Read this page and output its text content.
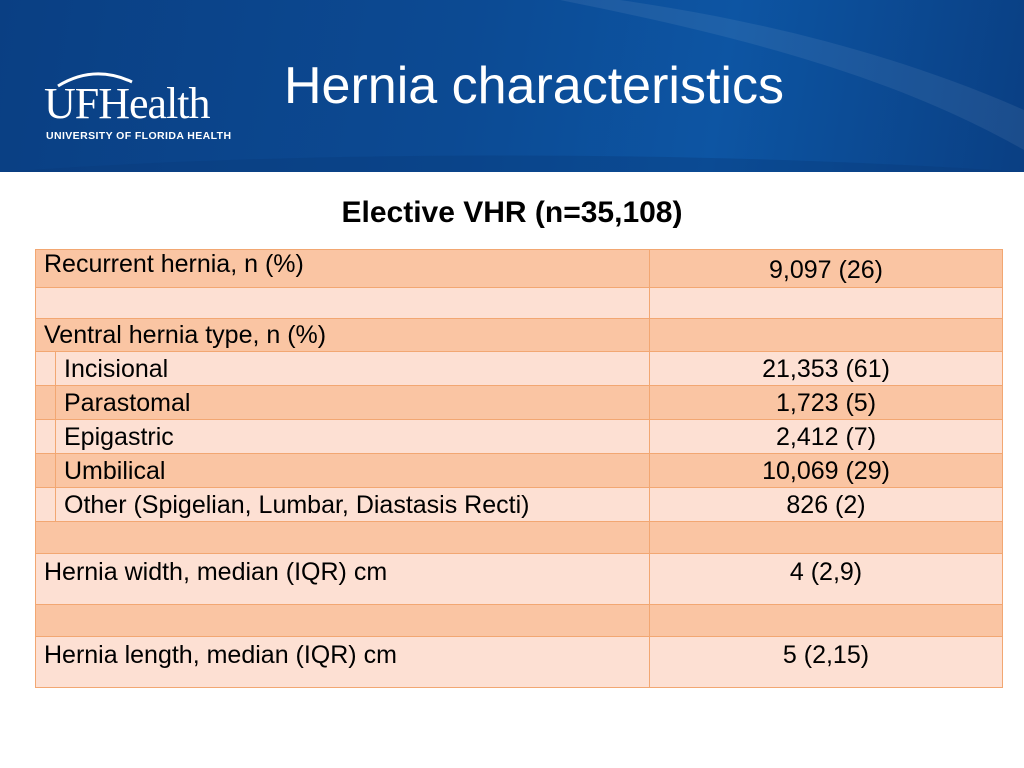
UFHealth
UNIVERSITY OF FLORIDA HEALTH
Hernia characteristics
Elective VHR (n=35,108)
Recurrent hernia, n (%)		9,097 (26)

Ventral hernia type, n (%)		
	Incisional	21,353 (61)
	Parastomal	1,723 (5)
	Epigastric	2,412 (7)
	Umbilical	10,069 (29)
	Other (Spigelian, Lumbar, Diastasis Recti)	826 (2)

Hernia width, median (IQR) cm		4 (2,9)

Hernia length, median (IQR) cm		5 (2,15)
